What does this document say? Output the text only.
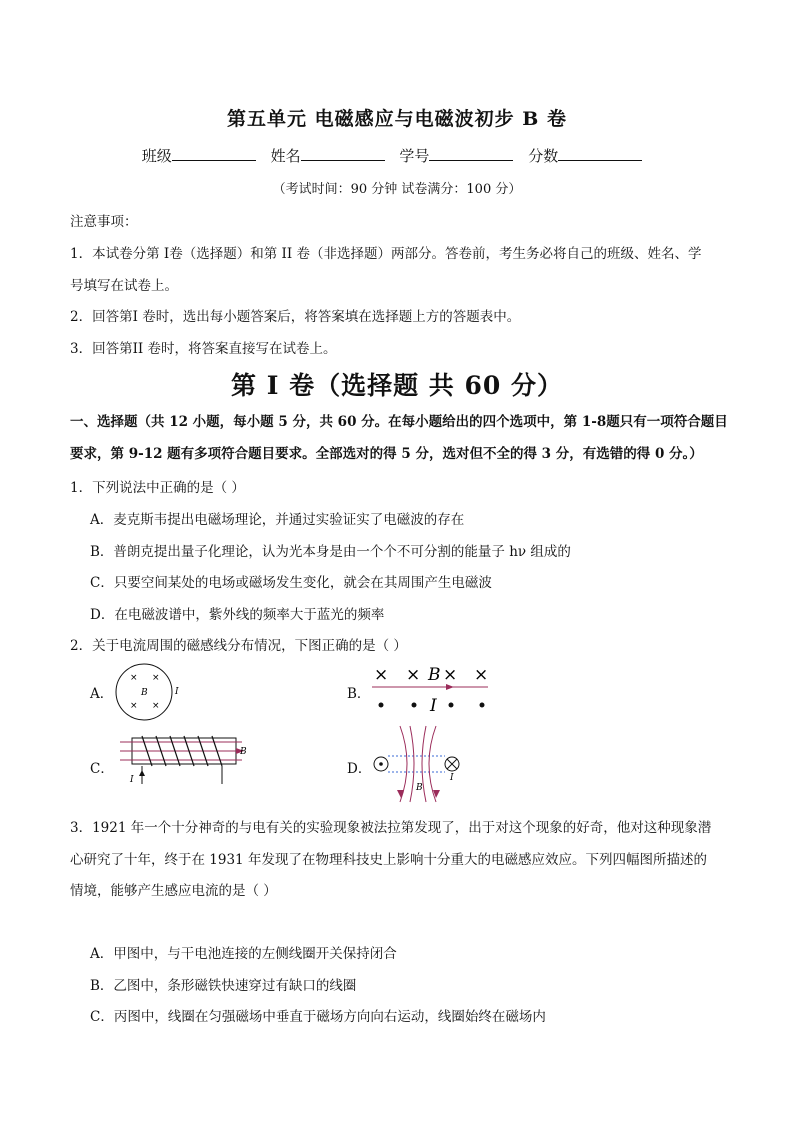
第五单元 电磁感应与电磁波初步 B 卷
班级	姓名	学号	分数
（考试时间：90 分钟 试卷满分：100 分）
注意事项：
1．本试卷分第 I卷（选择题）和第 II 卷（非选择题）两部分。答卷前，考生务必将自己的班级、姓名、学
号填写在试卷上。
2．回答第I 卷时，选出每小题答案后，将答案填在选择题上方的答题表中。
3．回答第II 卷时，将答案直接写在试卷上。
第 I 卷（选择题 共 60 分）
一、选择题（共 12 小题，每小题 5 分，共 60 分。在每小题给出的四个选项中，第 1-8题只有一项符合题目
要求，第 9-12 题有多项符合题目要求。全部选对的得 5 分，选对但不全的得 3 分，有选错的得 0 分。）
1．下列说法中正确的是（ ）
A．麦克斯韦提出电磁场理论，并通过实验证实了电磁波的存在
B．普朗克提出量子化理论，认为光本身是由一个个不可分割的能量子 hν 组成的
C．只要空间某处的电场或磁场发生变化，就会在其周围产生电磁波
D．在电磁波谱中，紫外线的频率大于蓝光的频率
2．关于电流周围的磁感线分布情况，下图正确的是（ ）
A．
× ×
× ×
B	I	B．
× × B × ×
I
C．
I
B
D．
B
I
3．1921 年一个十分神奇的与电有关的实验现象被法拉第发现了，出于对这个现象的好奇，他对这种现象潜
心研究了十年，终于在 1931 年发现了在物理科技史上影响十分重大的电磁感应效应。下列四幅图所描述的
情境，能够产生感应电流的是（ ）
A．甲图中，与干电池连接的左侧线圈开关保持闭合
B．乙图中，条形磁铁快速穿过有缺口的线圈
C．丙图中，线圈在匀强磁场中垂直于磁场方向向右运动，线圈始终在磁场内
